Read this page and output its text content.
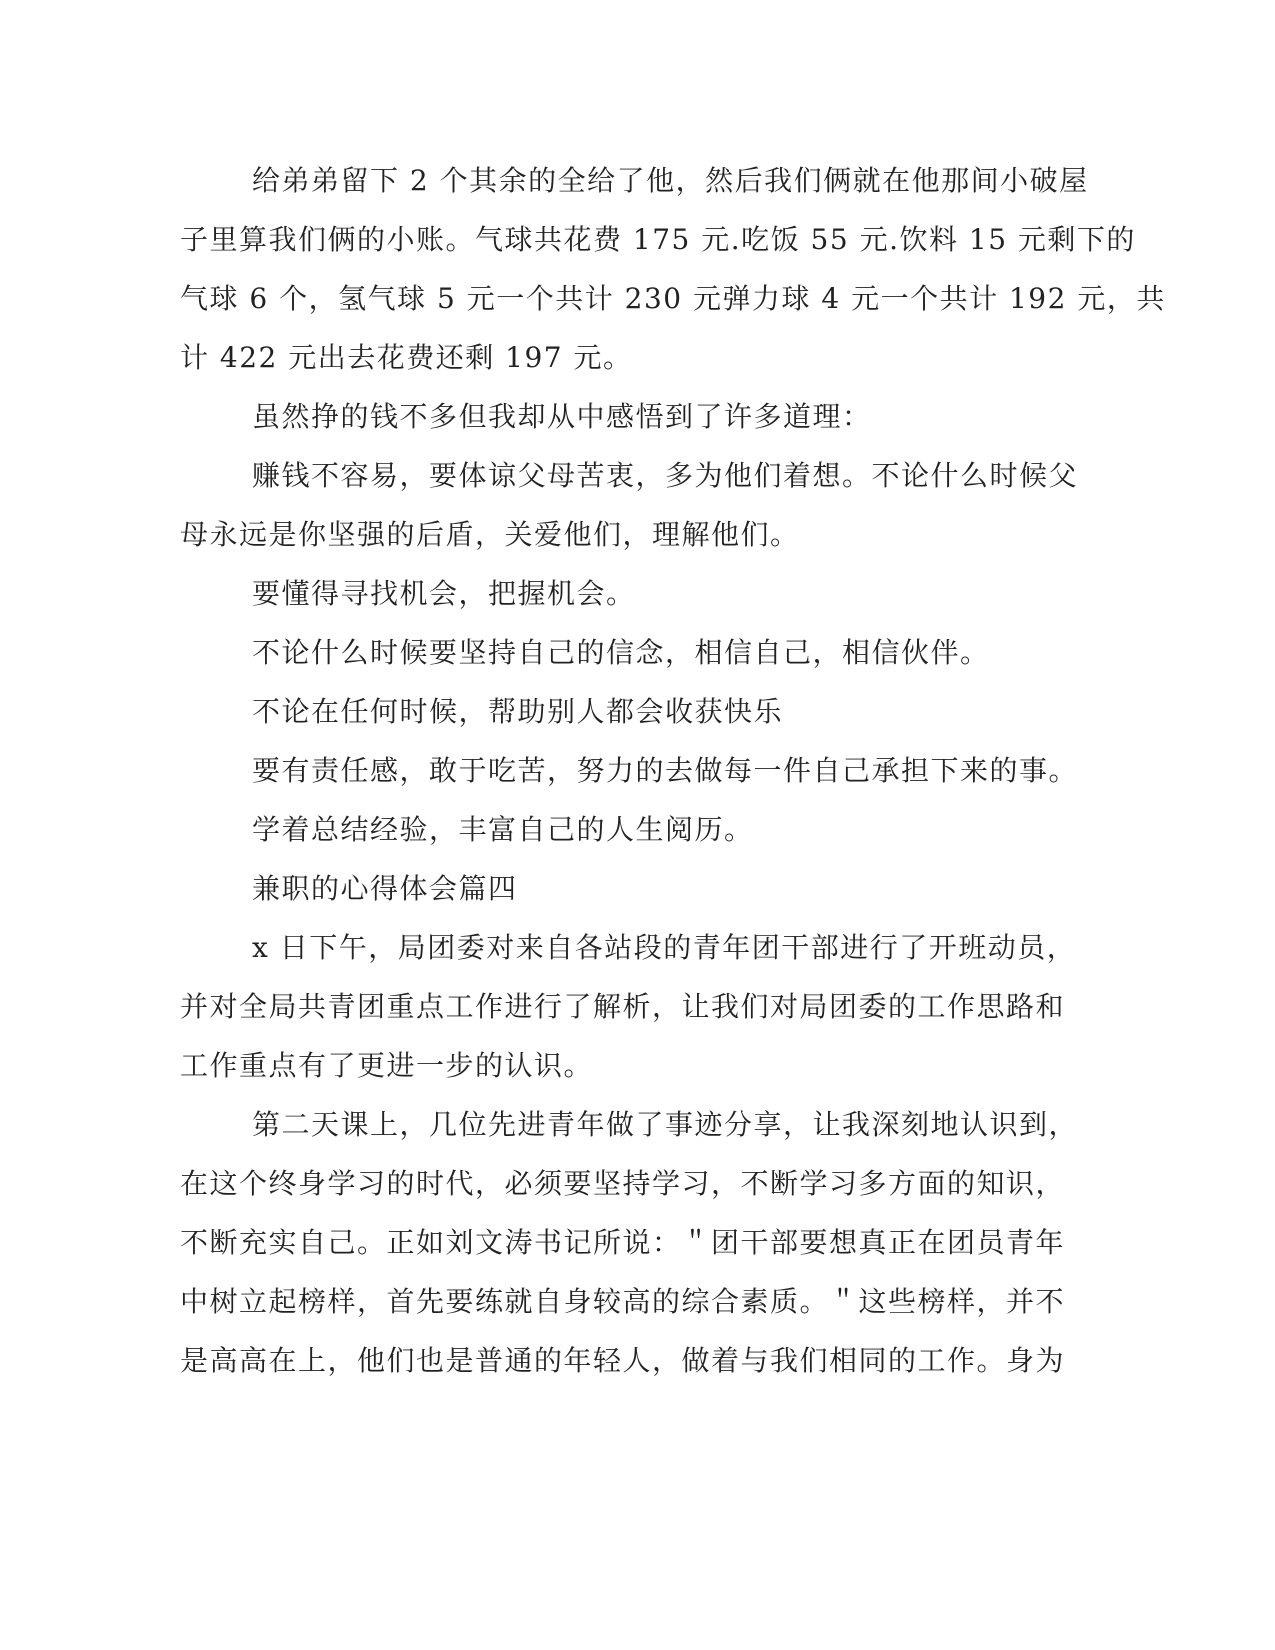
给弟弟留下 2 个其余的全给了他，然后我们俩就在他那间小破屋
子里算我们俩的小账。气球共花费 175 元.吃饭 55 元.饮料 15 元剩下的
气球 6 个，氢气球 5 元一个共计 230 元弹力球 4 元一个共计 192 元，共
计 422 元出去花费还剩 197 元。
虽然挣的钱不多但我却从中感悟到了许多道理：
赚钱不容易，要体谅父母苦衷，多为他们着想。不论什么时候父
母永远是你坚强的后盾，关爱他们，理解他们。
要懂得寻找机会，把握机会。
不论什么时候要坚持自己的信念，相信自己，相信伙伴。
不论在任何时候，帮助别人都会收获快乐
要有责任感，敢于吃苦，努力的去做每一件自己承担下来的事。
学着总结经验，丰富自己的人生阅历。
兼职的心得体会篇四
x 日下午，局团委对来自各站段的青年团干部进行了开班动员，
并对全局共青团重点工作进行了解析，让我们对局团委的工作思路和
工作重点有了更进一步的认识。
第二天课上，几位先进青年做了事迹分享，让我深刻地认识到，
在这个终身学习的时代，必须要坚持学习，不断学习多方面的知识，
不断充实自己。正如刘文涛书记所说：＂团干部要想真正在团员青年
中树立起榜样，首先要练就自身较高的综合素质。＂这些榜样，并不
是高高在上，他们也是普通的年轻人，做着与我们相同的工作。身为
